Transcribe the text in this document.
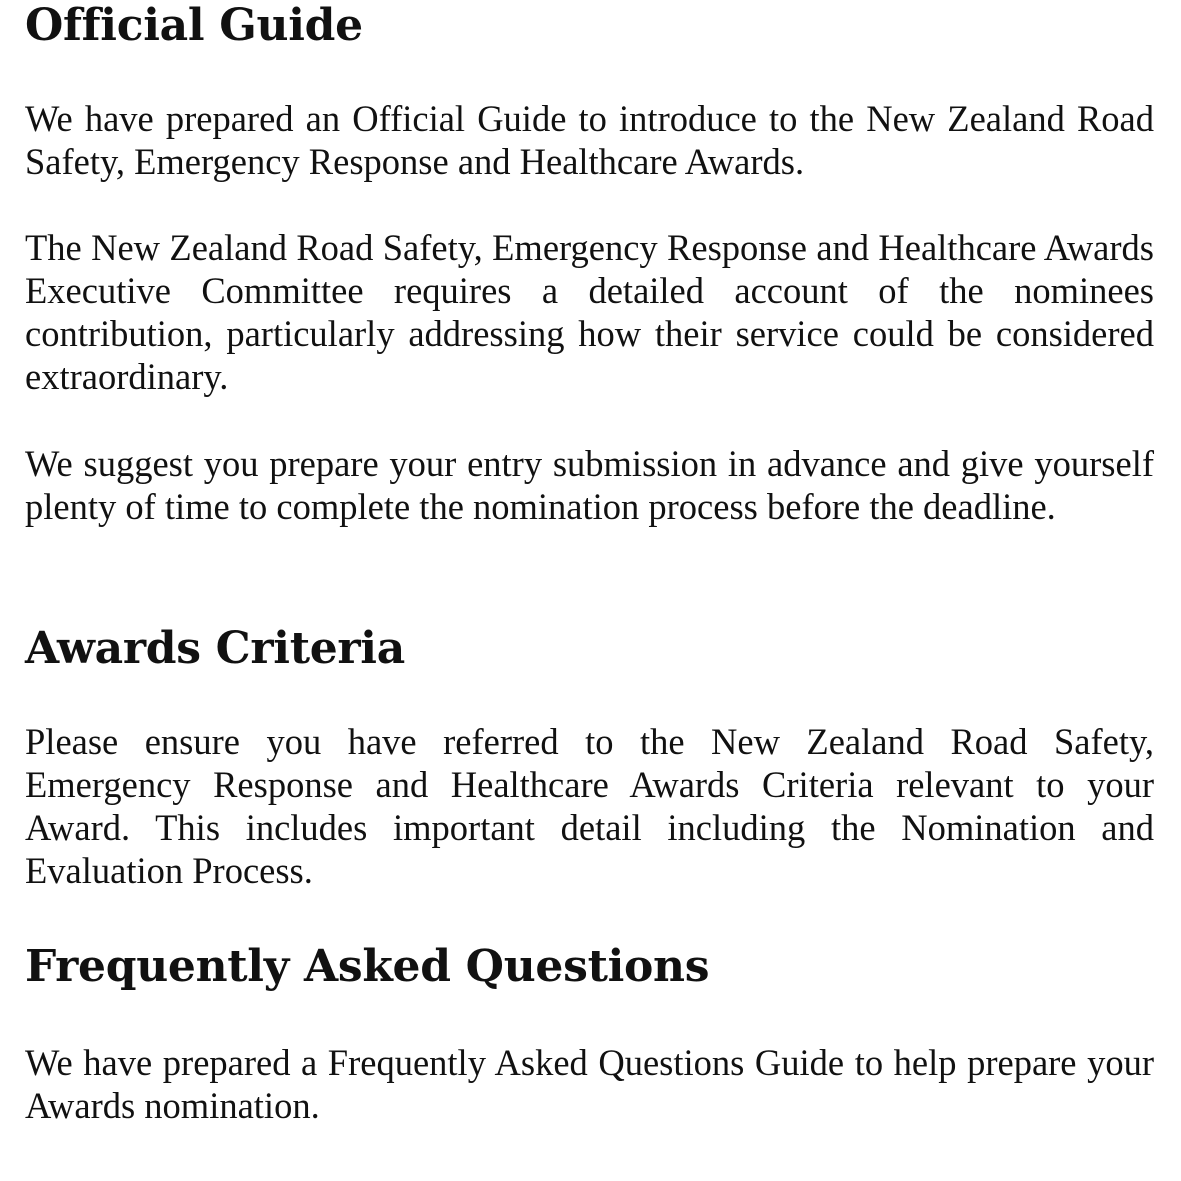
Official Guide

We have prepared an Official Guide to introduce to the New Zealand Road Safety, Emergency Response and Healthcare Awards.

The New Zealand Road Safety, Emergency Response and Healthcare Awards Executive Committee requires a detailed account of the nominees contribution, particularly addressing how their service could be considered extraordinary.

We suggest you prepare your entry submission in advance and give yourself plenty of time to complete the nomination process before the deadline.

Awards Criteria

Please ensure you have referred to the New Zealand Road Safety, Emergency Response and Healthcare Awards Criteria relevant to your Award. This includes important detail including the Nomination and Evaluation Process.

Frequently Asked Questions

We have prepared a Frequently Asked Questions Guide to help prepare your Awards nomination.
